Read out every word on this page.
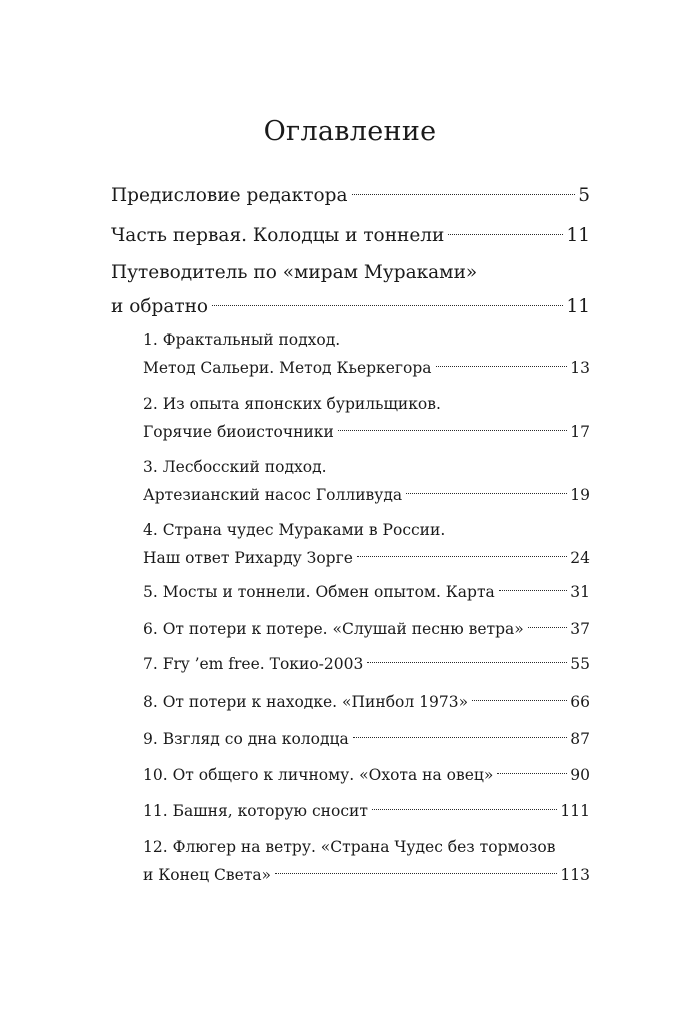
Оглавление
Предисловие редактора	5
Часть первая. Колодцы и тоннели	11
Путеводитель по «мирам Мураками»
и обратно	11
1. Фрактальный подход.
Метод Сальери. Метод Кьеркегора	13
2. Из опыта японских бурильщиков.
Горячие биоисточники	17
3. Лесбосский подход.
Артезианский насос Голливуда	19
4. Страна чудес Мураками в России.
Наш ответ Рихарду Зорге	24
5. Мосты и тоннели. Обмен опытом. Карта	31
6. От потери к потере. «Слушай песню ветра»	37
7. Fry ’em free. Токио-2003	55
8. От потери к находке. «Пинбол 1973»	66
9. Взгляд со дна колодца	87
10. От общего к личному. «Охота на овец»	90
11. Башня, которую сносит	111
12. Флюгер на ветру. «Страна Чудес без тормозов
и Конец Света»	113
